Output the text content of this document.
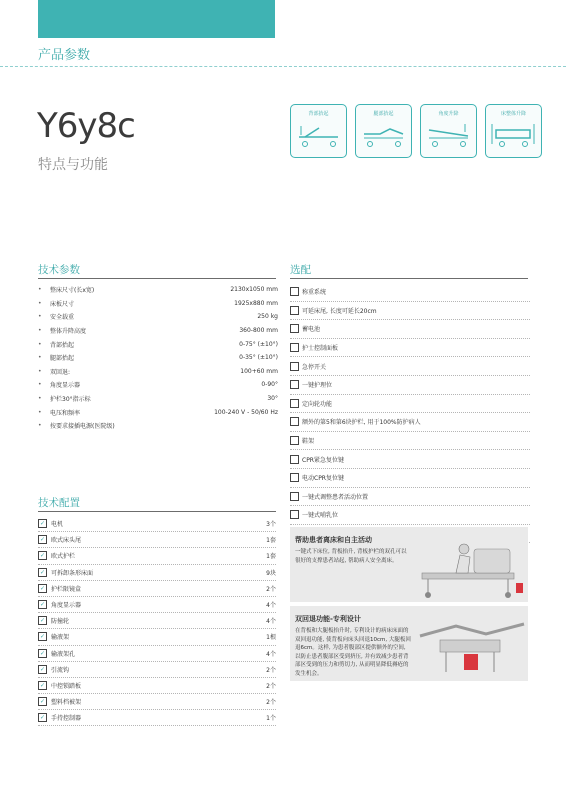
产品参数
Y6y8c
特点与功能
背部抬起	腿部抬起	角度升降	床整体升降
技术参数
•	整床尺寸(长x宽)	2130x1050 mm
•	床板尺寸	1925x880 mm
•	安全载重	250 kg
•	整体升降高度	360-800 mm
•	背部抬起	0-75° (±10°)
•	腿部抬起	0-35° (±10°)
•	双回退:	100+60 mm
•	角度显示器	0-90°
•	护栏30°指示标	30°
•	电压和频率	100-240 V - 50/60 Hz
•	按要求接插电源(医院级)
选配
称重系统
可延床尾, 长度可延长20cm
蓄电池
护士控制面板
急停开关
一键护理位
定向轮功能
额外的第5和第6块护栏, 用于100%防护病人
鞋架
CPR紧急复位键
电动CPR复位键
一键式调整患者活动位置
一键式哺乳位
技术配置
✓ 电机	3个
✓ 欧式床头尾	1套
✓ 欧式护栏	1套
✓ 可拆卸条形床面	9块
✓ 护栏限镜盒	2个
✓ 角度显示器	4个
✓ 防撞轮	4个
✓ 输液架	1根
✓ 输液架孔	4个
✓ 引流钩	2个
✓ 中控锁踏板	2个
✓ 塑料档被架	2个
✓ 手持控制器	1个
帮助患者离床和自主活动
一键式下床位, 背板抬升, 背板护栏的双孔可以很好的支撑患者站起, 帮助病人安全离床。
双回退功能-专利设计
在背板和大腿板抬升时, 专利设计的病床床面的双回退功能, 使背板向床头回退10cm, 大腿板回退6cm。这样, 为患者腹部区提供额外的空间, 以防止患者腹部区受到挤压, 并有效减少患者背部区受到的压力和剪切力, 从而明显降低褥疮的发生机会。
